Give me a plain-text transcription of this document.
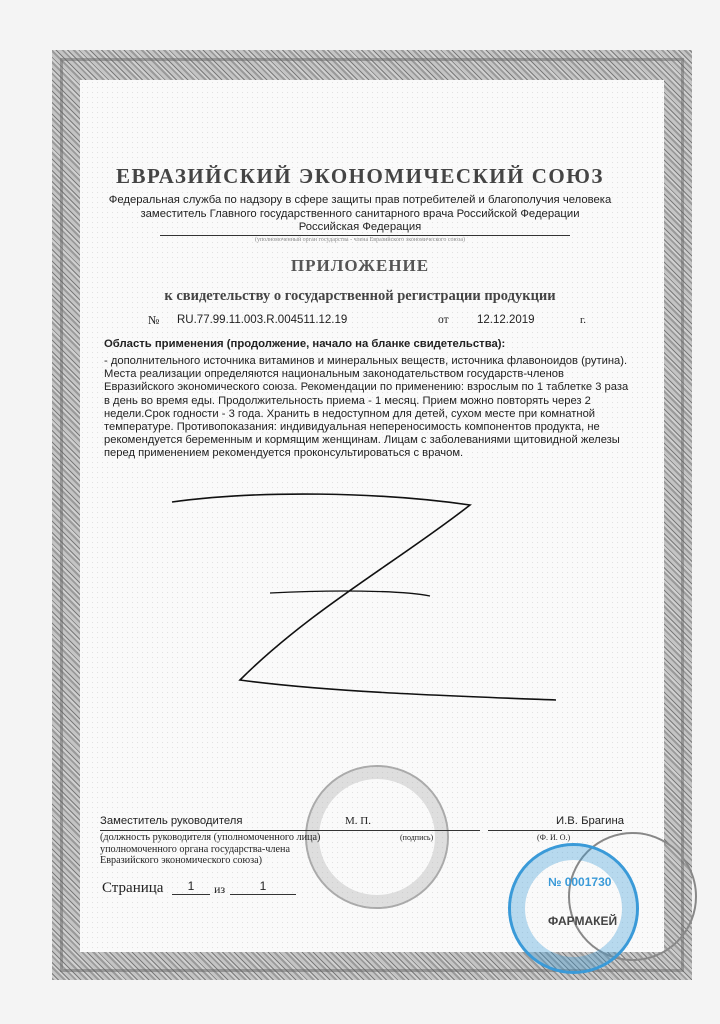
ЕВРАЗИЙСКИЙ ЭКОНОМИЧЕСКИЙ СОЮЗ
Федеральная служба по надзору в сфере защиты прав потребителей и благополучия человека
заместитель Главного государственного санитарного врача Российской Федерации
Российская Федерация
(уполномоченный орган государства - члена Евразийского экономического союза)
ПРИЛОЖЕНИЕ
к свидетельству о государственной регистрации продукции
№ RU.77.99.11.003.R.004511.12.19	от 12.12.2019	г.
Область применения (продолжение, начало на бланке свидетельства):
- дополнительного источника витаминов и минеральных веществ, источника флавоноидов (рутина). Места реализации определяются национальным законодательством государств-членов Евразийского экономического союза. Рекомендации по применению: взрослым по 1 таблетке 3 раза в день во время еды. Продолжительность приема - 1 месяц. Прием можно повторять через 2 недели.Срок годности - 3 года. Хранить в недоступном для детей, сухом месте при комнатной температуре. Противопоказания: индивидуальная непереносимость компонентов продукта, не рекомендуется беременным и кормящим женщинам. Лицам с заболеваниями щитовидной железы перед применением рекомендуется проконсультироваться с врачом.
№ 0001730
ФАРМАКЕЙ
Заместитель руководителя	М. П.	И.В. Брагина
(должность руководителя (уполномоченного лица) уполномоченного органа государства-члена Евразийского экономического союза)
(подпись)	(Ф. И. О.)
Страница	1	из	1
